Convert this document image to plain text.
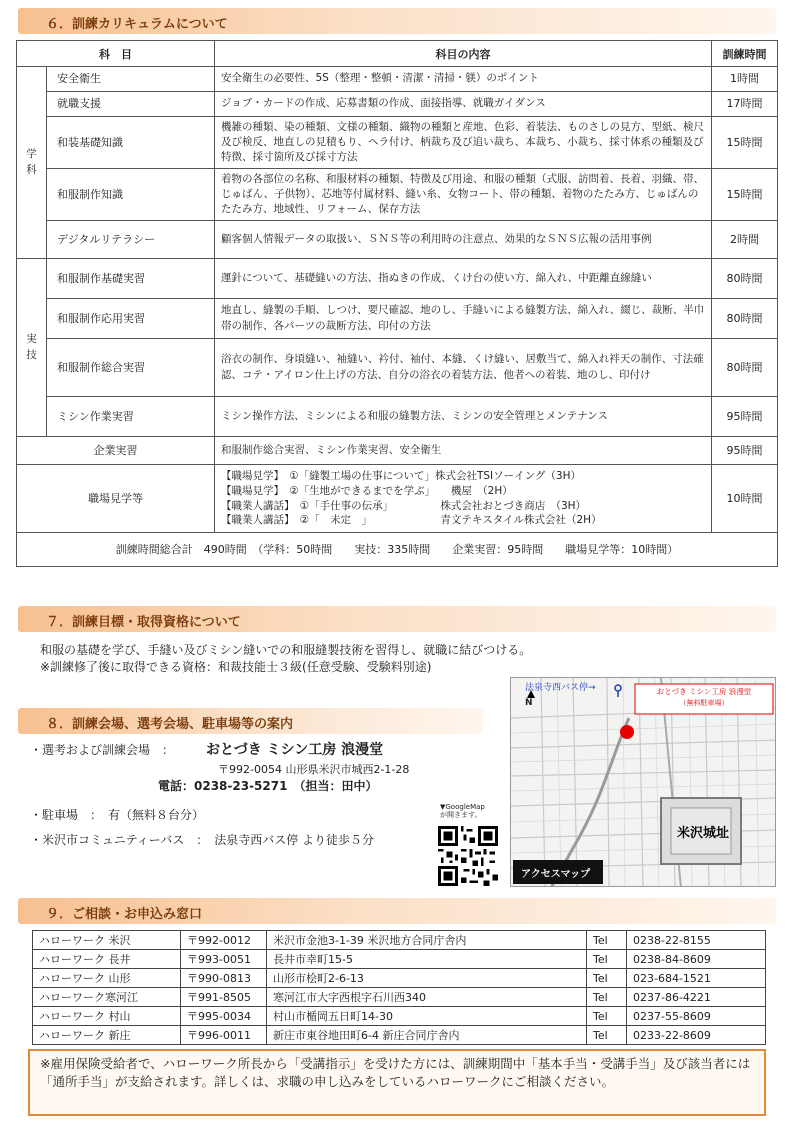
６．訓練カリキュラムについて
科　目		科目の内容	訓練時間
学
科	安全衛生	安全衛生の必要性、5S（整理・整頓・清潔・清掃・躾）のポイント	1時間
	就職支援	ジョブ・カードの作成、応募書類の作成、面接指導、就職ガイダンス	17時間
	和装基礎知識	機雑の種類、染の種類、文様の種類、織物の種類と産地、色彩、着装法、ものさしの見方、型紙、検尺及び検反、地直しの見積もり、ヘラ付け、柄裁ち及び追い裁ち、本裁ち、小裁ち、採寸体系の種類及び特徴、採寸箇所及び採寸方法	15時間
	和服制作知識	着物の各部位の名称、和服材料の種類、特徴及び用途、和服の種類（式服、訪問着、長着、羽織、帯、じゅばん、子供物）、芯地等付属材料、縫い糸、女物コート、帯の種類、着物のたたみ方、じゅばんのたたみ方、地域性、リフォーム、保存方法	15時間
	デジタルリテラシー	顧客個人情報データの取扱い、ＳＮＳ等の利用時の注意点、効果的なＳＮＳ広報の活用事例	2時間
実
技	和服制作基礎実習	運針について、基礎縫いの方法、指ぬきの作成、くけ台の使い方、綿入れ、中距離直線縫い	80時間
	和服制作応用実習	地直し、縫製の手順、しつけ、要尺確認、地のし、手縫いによる縫製方法、綿入れ、綴じ、裁断、半巾帯の制作、各パーツの裁断方法、印付の方法	80時間
	和服制作総合実習	浴衣の制作、身頃縫い、袖縫い、衿付、袖付、本縫、くけ縫い、居敷当て、綿入れ袢天の制作、寸法確認、コテ・アイロン仕上げの方法、自分の浴衣の着装方法、他者への着装、地のし、印付け	80時間
	ミシン作業実習	ミシン操作方法、ミシンによる和服の縫製方法、ミシンの安全管理とメンテナンス	95時間
企業実習		和服制作総合実習、ミシン作業実習、安全衛生	95時間
職場見学等		【職場見学】　①「縫製工場の仕事について」株式会社TSIソーイング（3H）
【職場見学】　②「生地ができるまでを学ぶ」　　機屋　（2H）
【職業人講話】　①「手仕事の伝承」　　　　　株式会社おとづき商店　（3H）
【職業人講話】　②「　未定　」　　　　　　　青文テキスタイル株式会社（2H）	10時間
訓練時間総合計　490時間　（学科：50時間　　実技：335時間　　企業実習：95時間　　職場見学等：10時間）			
７．訓練目標・取得資格について
和服の基礎を学び、手縫い及びミシン縫いでの和服縫製技術を習得し、就職に結びつける。
※訓練修了後に取得できる資格：和裁技能士３級(任意受験、受験料別途)
８．訓練会場、選考会場、駐車場等の案内
・選考および訓練会場　： おとづき ミシン工房 浪漫堂
〒992-0054 山形県米沢市城西2-1-28
電話：0238-23-5271　（担当：田中）
・駐車場　：　有（無料８台分）
・米沢市コミュニティーバス　：　法泉寺西バス停 より徒歩５分
▼GoogleMap
が開きます。
法泉寺西バス停→
N
おとづき ミシン工房 浪漫堂
（無料駐車場）
米沢城址
アクセスマップ
９．ご相談・お申込み窓口
ハローワーク 米沢	〒992-0012	米沢市金池3-1-39 米沢地方合同庁舎内	Tel	0238-22-8155
ハローワーク 長井	〒993-0051	長井市幸町15-5	Tel	0238-84-8609
ハローワーク 山形	〒990-0813	山形市桧町2-6-13	Tel	023-684-1521
ハローワーク寒河江	〒991-8505	寒河江市大字西根字石川西340	Tel	0237-86-4221
ハローワーク 村山	〒995-0034	村山市楯岡五日町14-30	Tel	0237-55-8609
ハローワーク 新庄	〒996-0011	新庄市東谷地田町6-4 新庄合同庁舎内	Tel	0233-22-8609
※雇用保険受給者で、ハローワーク所長から「受講指示」を受けた方には、訓練期間中「基本手当・受講手当」及び該当者には「通所手当」が支給されます。詳しくは、求職の申し込みをしているハローワークにご相談ください。
